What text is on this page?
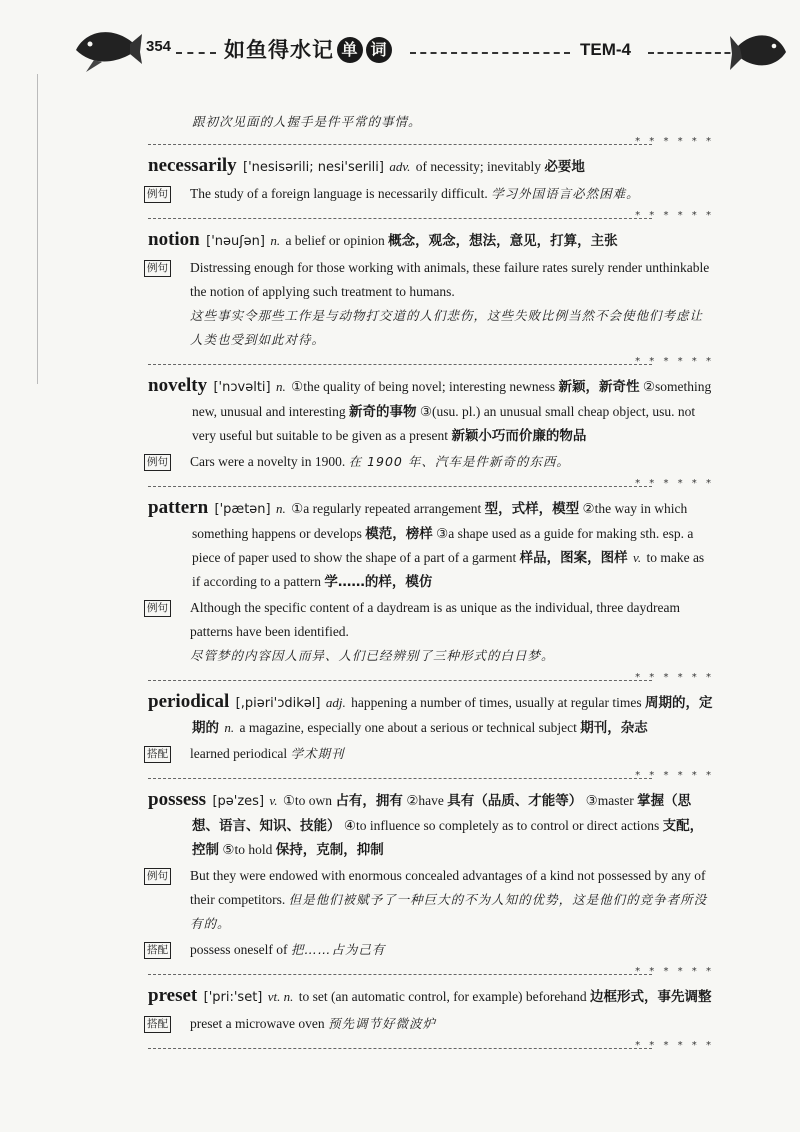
354	如鱼得水记 单 词	TEM-4
跟初次见面的人握手是件平常的事情。
* * * * * *
necessarily ['nesisərili; nesi'serili] adv. of necessity; inevitably 必要地
例句 The study of a foreign language is necessarily difficult. 学习外国语言必然困难。
* * * * * *
notion ['nəuʃən] n. a belief or opinion 概念，观念，想法，意见，打算，主张
例句 Distressing enough for those working with animals, these failure rates surely render unthinkable the notion of applying such treatment to humans.
这些事实令那些工作是与动物打交道的人们悲伤，这些失败比例当然不会使他们考虑让人类也受到如此对待。
* * * * * *
novelty ['nɔvəlti] n. ①the quality of being novel; interesting newness 新颖，新奇性 ②something new, unusual and interesting 新奇的事物 ③(usu. pl.) an unusual small cheap object, usu. not very useful but suitable to be given as a present 新颖小巧而价廉的物品
例句 Cars were a novelty in 1900. 在 1900 年、汽车是件新奇的东西。
* * * * * *
pattern ['pætən] n. ①a regularly repeated arrangement 型，式样，模型 ②the way in which something happens or develops 模范，榜样 ③a shape used as a guide for making sth. esp. a piece of paper used to show the shape of a part of a garment 样品，图案，图样 v. to make as if according to a pattern 学……的样，模仿
例句 Although the specific content of a daydream is as unique as the individual, three daydream patterns have been identified.
尽管梦的内容因人而异、人们已经辨别了三种形式的白日梦。
* * * * * *
periodical [,piəri'ɔdikəl] adj. happening a number of times, usually at regular times 周期的，定期的 n. a magazine, especially one about a serious or technical subject 期刊，杂志
搭配 learned periodical 学术期刊
* * * * * *
possess [pə'zes] v. ①to own 占有，拥有 ②have 具有（品质、才能等） ③master 掌握（思想、语言、知识、技能） ④to influence so completely as to control or direct actions 支配，控制 ⑤to hold 保持，克制，抑制
例句 But they were endowed with enormous concealed advantages of a kind not possessed by any of their competitors. 但是他们被赋予了一种巨大的不为人知的优势，这是他们的竞争者所没有的。
搭配 possess oneself of 把……占为己有
* * * * * *
preset ['pri:'set] vt. n. to set (an automatic control, for example) beforehand 边框形式，事先调整
搭配 preset a microwave oven 预先调节好微波炉
* * * * * *
